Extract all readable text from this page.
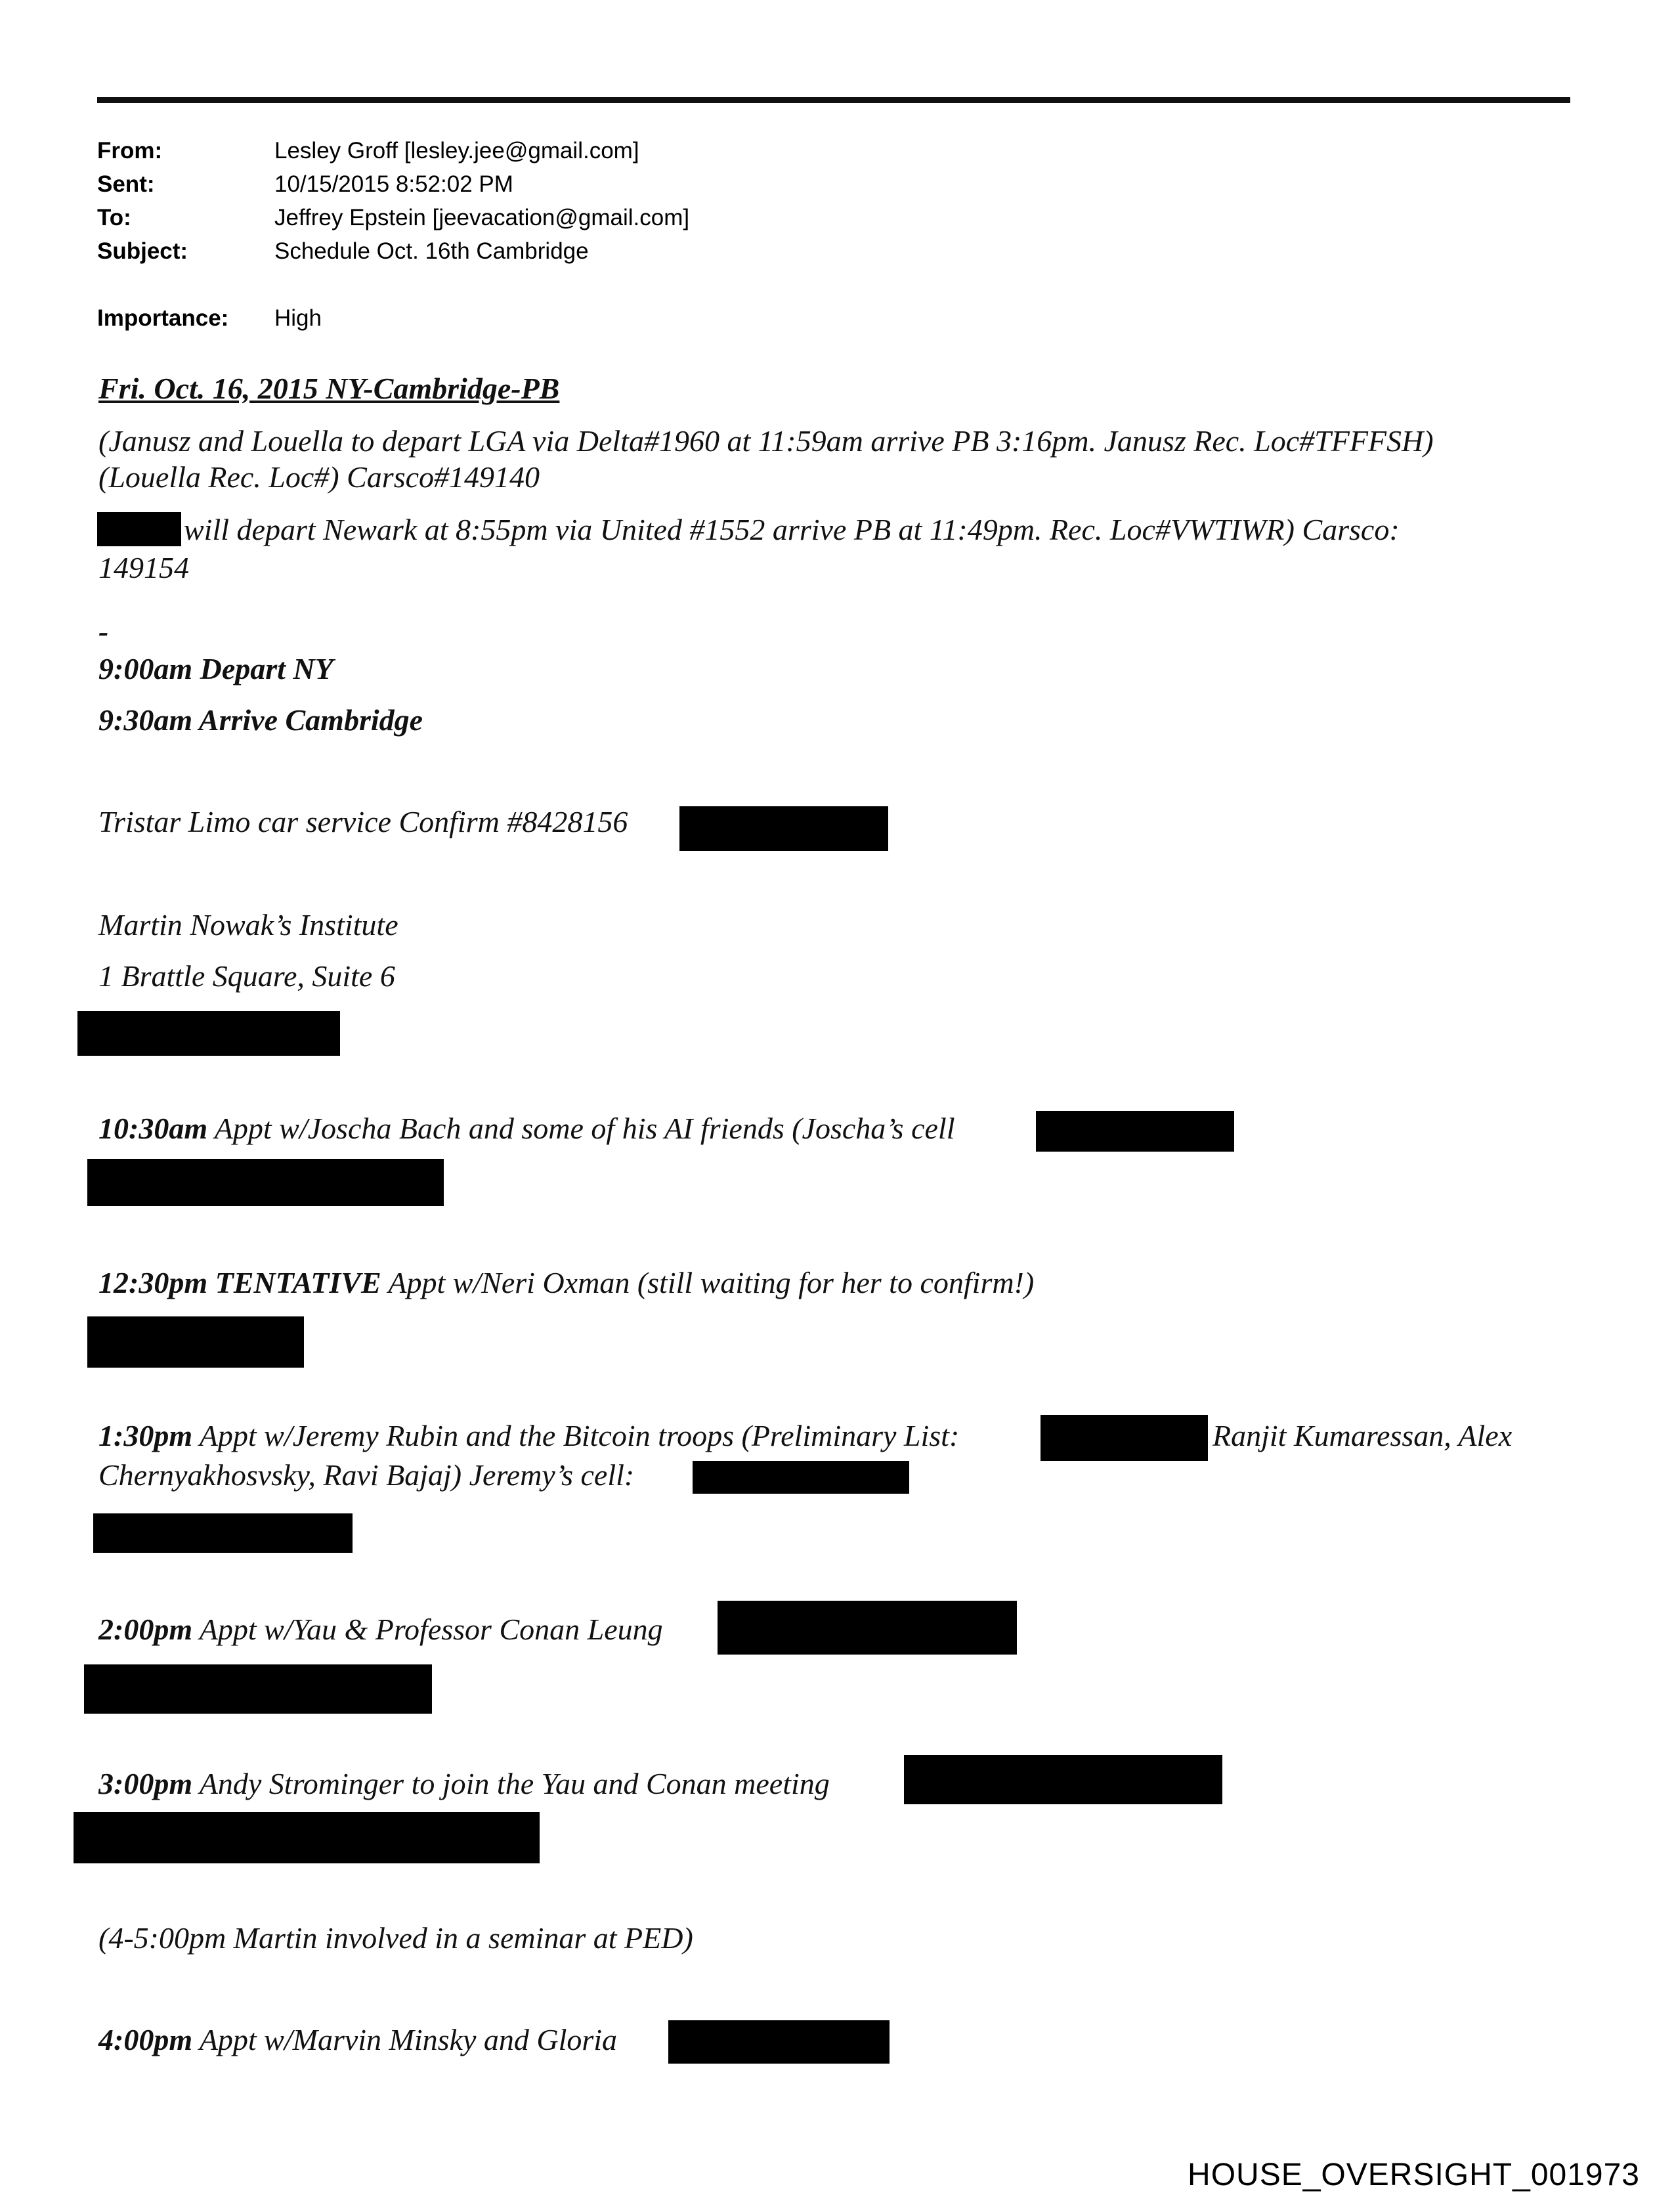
From:	Lesley Groff [lesley.jee@gmail.com]
Sent:	10/15/2015 8:52:02 PM
To:	Jeffrey Epstein [jeevacation@gmail.com]
Subject:	Schedule Oct. 16th Cambridge
Importance: High
Fri. Oct. 16, 2015 NY-Cambridge-PB
(Janusz and Louella to depart LGA via Delta#1960 at 11:59am arrive PB 3:16pm. Janusz Rec. Loc#TFFFSH)
(Louella Rec. Loc#) Carsco#149140
will depart Newark at 8:55pm via United #1552 arrive PB at 11:49pm. Rec. Loc#VWTIWR) Carsco:
149154
-
9:00am Depart NY
9:30am Arrive Cambridge
Tristar Limo car service Confirm #8428156
Martin Nowak’s Institute
1 Brattle Square, Suite 6
10:30am Appt w/Joscha Bach and some of his AI friends (Joscha’s cell
12:30pm TENTATIVE Appt w/Neri Oxman (still waiting for her to confirm!)
1:30pm Appt w/Jeremy Rubin and the Bitcoin troops (Preliminary List:	Ranjit Kumaressan, Alex
Chernyakhosvsky, Ravi Bajaj) Jeremy’s cell:
2:00pm Appt w/Yau & Professor Conan Leung
3:00pm Andy Strominger to join the Yau and Conan meeting
(4-5:00pm Martin involved in a seminar at PED)
4:00pm Appt w/Marvin Minsky and Gloria
HOUSE_OVERSIGHT_001973
